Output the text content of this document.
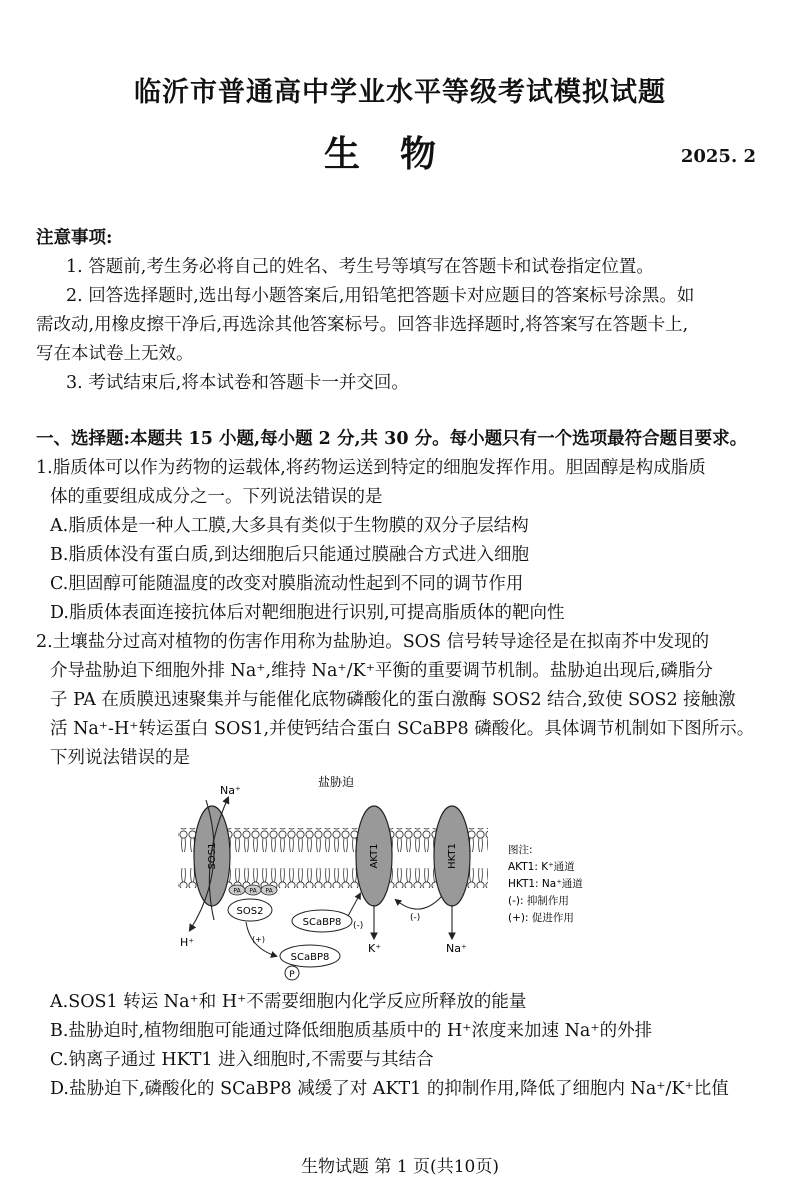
临沂市普通高中学业水平等级考试模拟试题
生物	2025. 2
注意事项:
1. 答题前,考生务必将自己的姓名、考生号等填写在答题卡和试卷指定位置。
2. 回答选择题时,选出每小题答案后,用铅笔把答题卡对应题目的答案标号涂黑。如
需改动,用橡皮擦干净后,再选涂其他答案标号。回答非选择题时,将答案写在答题卡上,
写在本试卷上无效。
3. 考试结束后,将本试卷和答题卡一并交回。
一、选择题:本题共 15 小题,每小题 2 分,共 30 分。每小题只有一个选项最符合题目要求。
1.脂质体可以作为药物的运载体,将药物运送到特定的细胞发挥作用。胆固醇是构成脂质
体的重要组成成分之一。下列说法错误的是
A.脂质体是一种人工膜,大多具有类似于生物膜的双分子层结构
B.脂质体没有蛋白质,到达细胞后只能通过膜融合方式进入细胞
C.胆固醇可能随温度的改变对膜脂流动性起到不同的调节作用
D.脂质体表面连接抗体后对靶细胞进行识别,可提高脂质体的靶向性
2.土壤盐分过高对植物的伤害作用称为盐胁迫。SOS 信号转导途径是在拟南芥中发现的
介导盐胁迫下细胞外排 Na⁺,维持 Na⁺/K⁺平衡的重要调节机制。盐胁迫出现后,磷脂分
子 PA 在质膜迅速聚集并与能催化底物磷酸化的蛋白激酶 SOS2 结合,致使 SOS2 接触激
活 Na⁺-H⁺转运蛋白 SOS1,并使钙结合蛋白 SCaBP8 磷酸化。具体调节机制如下图所示。
下列说法错误的是
盐胁迫
SOS1	AKT1	HKT1
Na⁺
H⁺
PA PA PA
SOS2
SCaBP8 (-)
K⁺	Na⁺
(-)
(+)
SCaBP8
P
图注:
AKT1: K⁺通道
HKT1: Na⁺通道
(-): 抑制作用
(+): 促进作用
A.SOS1 转运 Na⁺和 H⁺不需要细胞内化学反应所释放的能量
B.盐胁迫时,植物细胞可能通过降低细胞质基质中的 H⁺浓度来加速 Na⁺的外排
C.钠离子通过 HKT1 进入细胞时,不需要与其结合
D.盐胁迫下,磷酸化的 SCaBP8 减缓了对 AKT1 的抑制作用,降低了细胞内 Na⁺/K⁺比值
生物试题 第 1 页(共10页)
